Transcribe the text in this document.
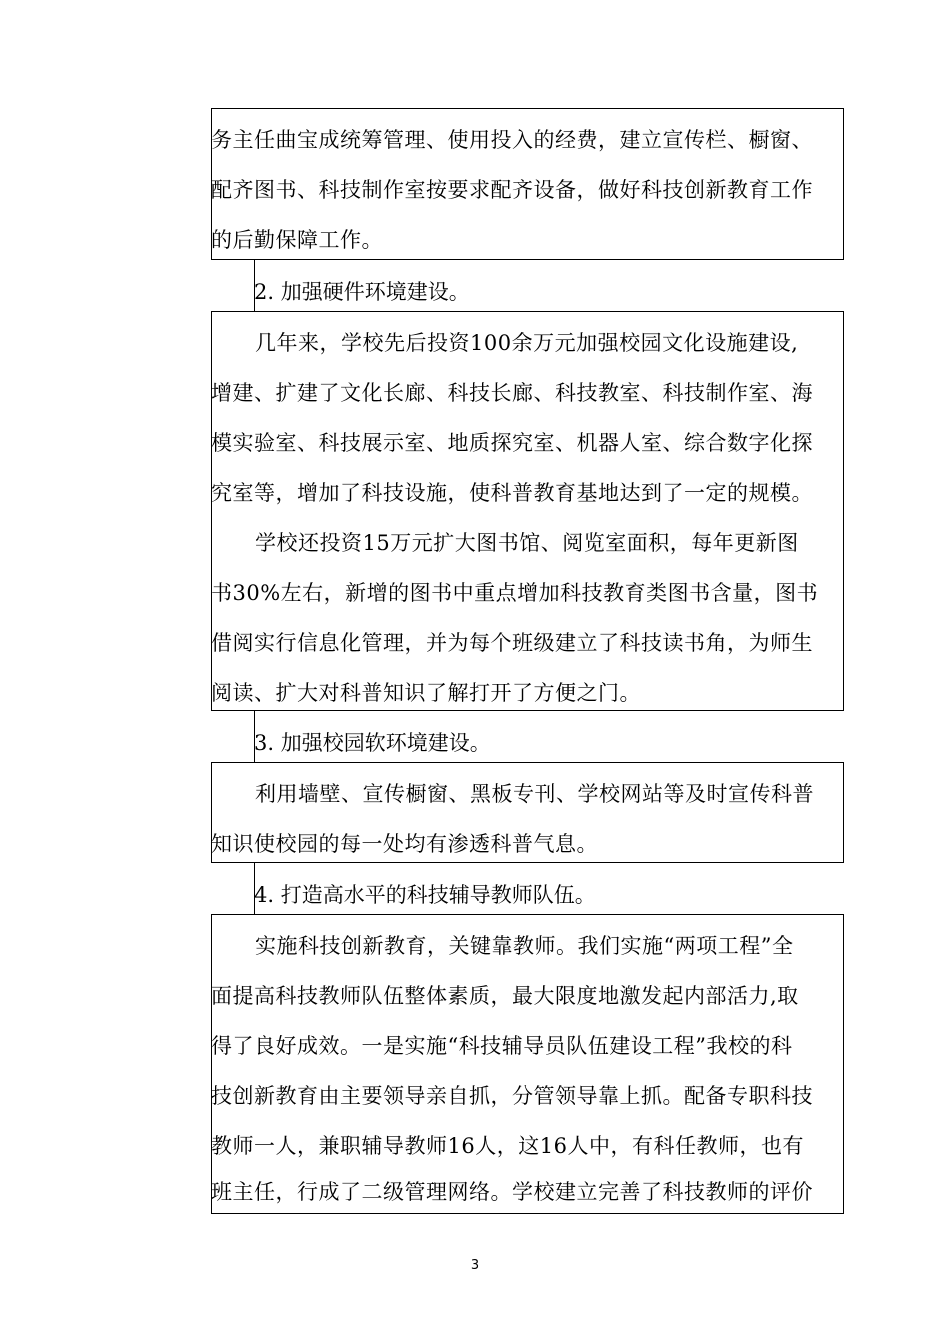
务主任曲宝成统筹管理、使用投入的经费，建立宣传栏、橱窗、
配齐图书、科技制作室按要求配齐设备，做好科技创新教育工作
的后勤保障工作。
2. 加强硬件环境建设。
几年来，学校先后投资100余万元加强校园文化设施建设,
增建、扩建了文化长廊、科技长廊、科技教室、科技制作室、海
模实验室、科技展示室、地质探究室、机器人室、综合数字化探
究室等，增加了科技设施，使科普教育基地达到了一定的规模。
学校还投资15万元扩大图书馆、阅览室面积，每年更新图
书30%左右，新增的图书中重点增加科技教育类图书含量，图书
借阅实行信息化管理，并为每个班级建立了科技读书角，为师生
阅读、扩大对科普知识了解打开了方便之门。
3. 加强校园软环境建设。
利用墙壁、宣传橱窗、黑板专刊、学校网站等及时宣传科普
知识使校园的每一处均有渗透科普气息。
4. 打造高水平的科技辅导教师队伍。
实施科技创新教育，关键靠教师。我们实施“两项工程”全
面提高科技教师队伍整体素质，最大限度地激发起内部活力,取
得了良好成效。一是实施“科技辅导员队伍建设工程”我校的科
技创新教育由主要领导亲自抓，分管领导靠上抓。配备专职科技
教师一人，兼职辅导教师16人，这16人中，有科任教师，也有
班主任，行成了二级管理网络。学校建立完善了科技教师的评价
3
